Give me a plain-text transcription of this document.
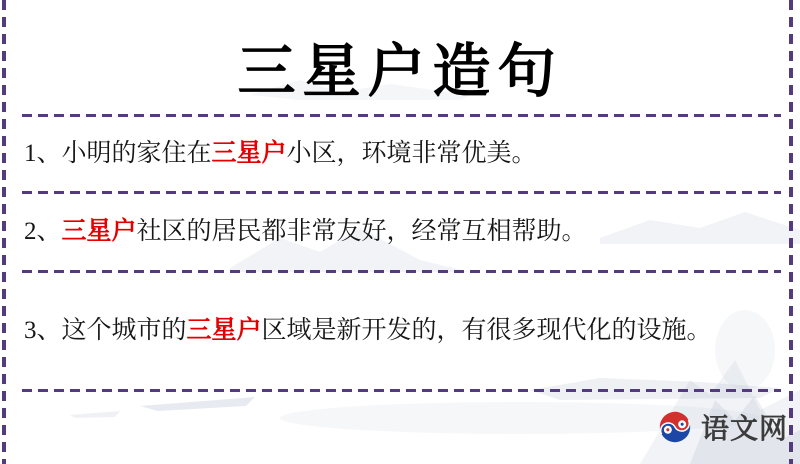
三星户造句
1、小明的家住在三星户小区，环境非常优美。
2、三星户社区的居民都非常友好，经常互相帮助。
3、这个城市的三星户区域是新开发的，有很多现代化的设施。
语文网
